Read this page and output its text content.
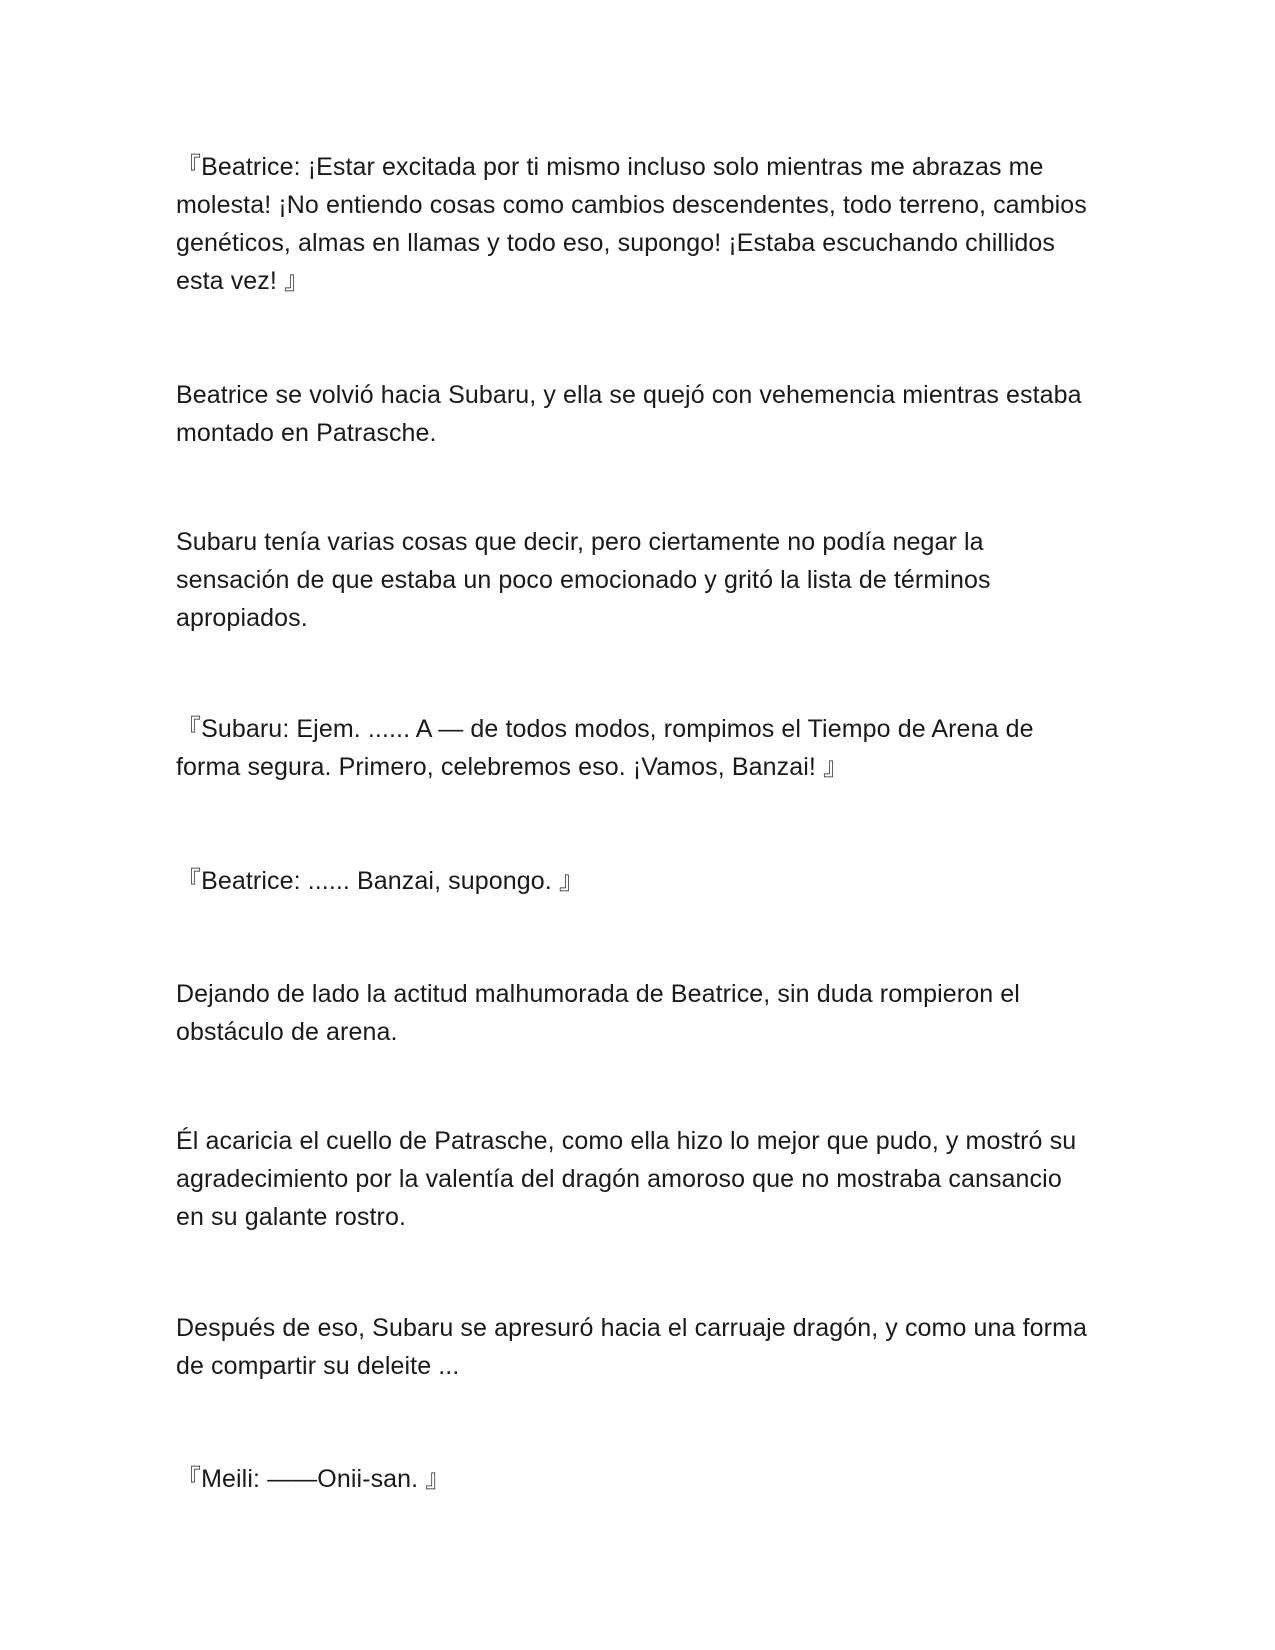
『Beatrice: ¡Estar excitada por ti mismo incluso solo mientras me abrazas me molesta! ¡No entiendo cosas como cambios descendentes, todo terreno, cambios genéticos, almas en llamas y todo eso, supongo! ¡Estaba escuchando chillidos esta vez! 』

Beatrice se volvió hacia Subaru, y ella se quejó con vehemencia mientras estaba montado en Patrasche.

Subaru tenía varias cosas que decir, pero ciertamente no podía negar la sensación de que estaba un poco emocionado y gritó la lista de términos apropiados.

『Subaru: Ejem. ...... A — de todos modos, rompimos el Tiempo de Arena de forma segura. Primero, celebremos eso. ¡Vamos, Banzai! 』

『Beatrice: ...... Banzai, supongo. 』

Dejando de lado la actitud malhumorada de Beatrice, sin duda rompieron el obstáculo de arena.

Él acaricia el cuello de Patrasche, como ella hizo lo mejor que pudo, y mostró su agradecimiento por la valentía del dragón amoroso que no mostraba cansancio en su galante rostro.

Después de eso, Subaru se apresuró hacia el carruaje dragón, y como una forma de compartir su deleite ...

『Meili: ——Onii-san. 』
